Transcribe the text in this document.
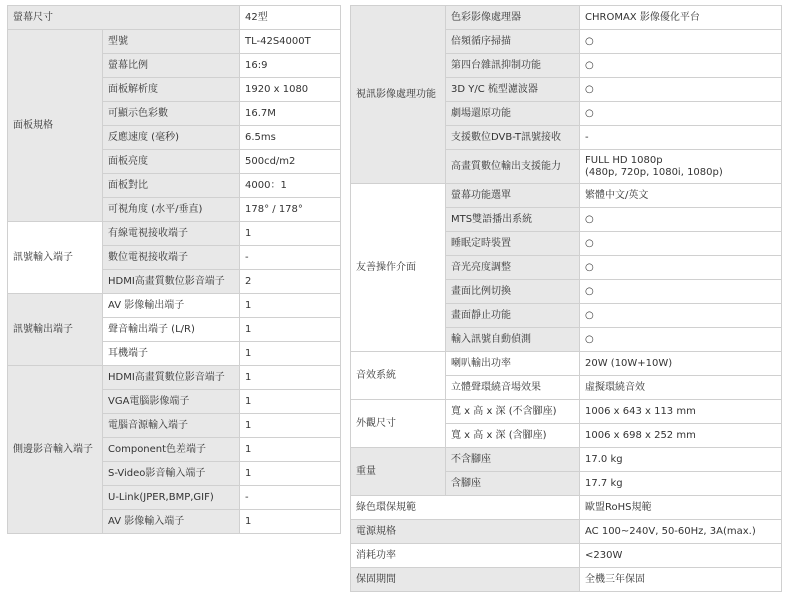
螢幕尺寸		42型
面板規格	型號	TL-42S4000T
	螢幕比例	16:9
	面板解析度	1920 x 1080
	可顯示色彩數	16.7M
	反應速度 (毫秒)	6.5ms
	面板亮度	500cd/m2
	面板對比	4000：1
	可視角度 (水平/垂直)	178° / 178°
訊號輸入端子	有線電視接收端子	1
	數位電視接收端子	-
	HDMI高畫質數位影音端子	2
訊號輸出端子	AV 影像輸出端子	1
	聲音輸出端子 (L/R)	1
	耳機端子	1
側邊影音輸入端子	HDMI高畫質數位影音端子	1
	VGA電腦影像端子	1
	電腦音源輸入端子	1
	Component色差端子	1
	S-Video影音輸入端子	1
	U-Link(JPER,BMP,GIF)	-
	AV 影像輸入端子	1
視訊影像處理功能	色彩影像處理器	CHROMAX 影像優化平台
	倍頻循序掃描	○
	第四台雜訊抑制功能	○
	3D Y/C 梳型濾波器	○
	劇場還原功能	○
	支援數位DVB-T訊號接收	-
	高畫質數位輸出支援能力	FULL HD 1080p
(480p, 720p, 1080i, 1080p)

友善操作介面	螢幕功能選單	繁體中文/英文
	MTS雙語播出系統	○
	睡眠定時裝置	○
	音光亮度調整	○
	畫面比例切換	○
	畫面靜止功能	○
	輸入訊號自動偵測	○
音效系統	喇叭輸出功率	20W (10W+10W)
	立體聲環繞音場效果	虛擬環繞音效
外觀尺寸	寬 x 高 x 深 (不含腳座)	1006 x 643 x 113 mm
	寬 x 高 x 深 (含腳座)	1006 x 698 x 252 mm
重量	不含腳座	17.0 kg
	含腳座	17.7 kg
綠色環保規範		歐盟RoHS規範
電源規格		AC 100~240V, 50-60Hz, 3A(max.)
消耗功率		<230W
保固期間		全機三年保固
